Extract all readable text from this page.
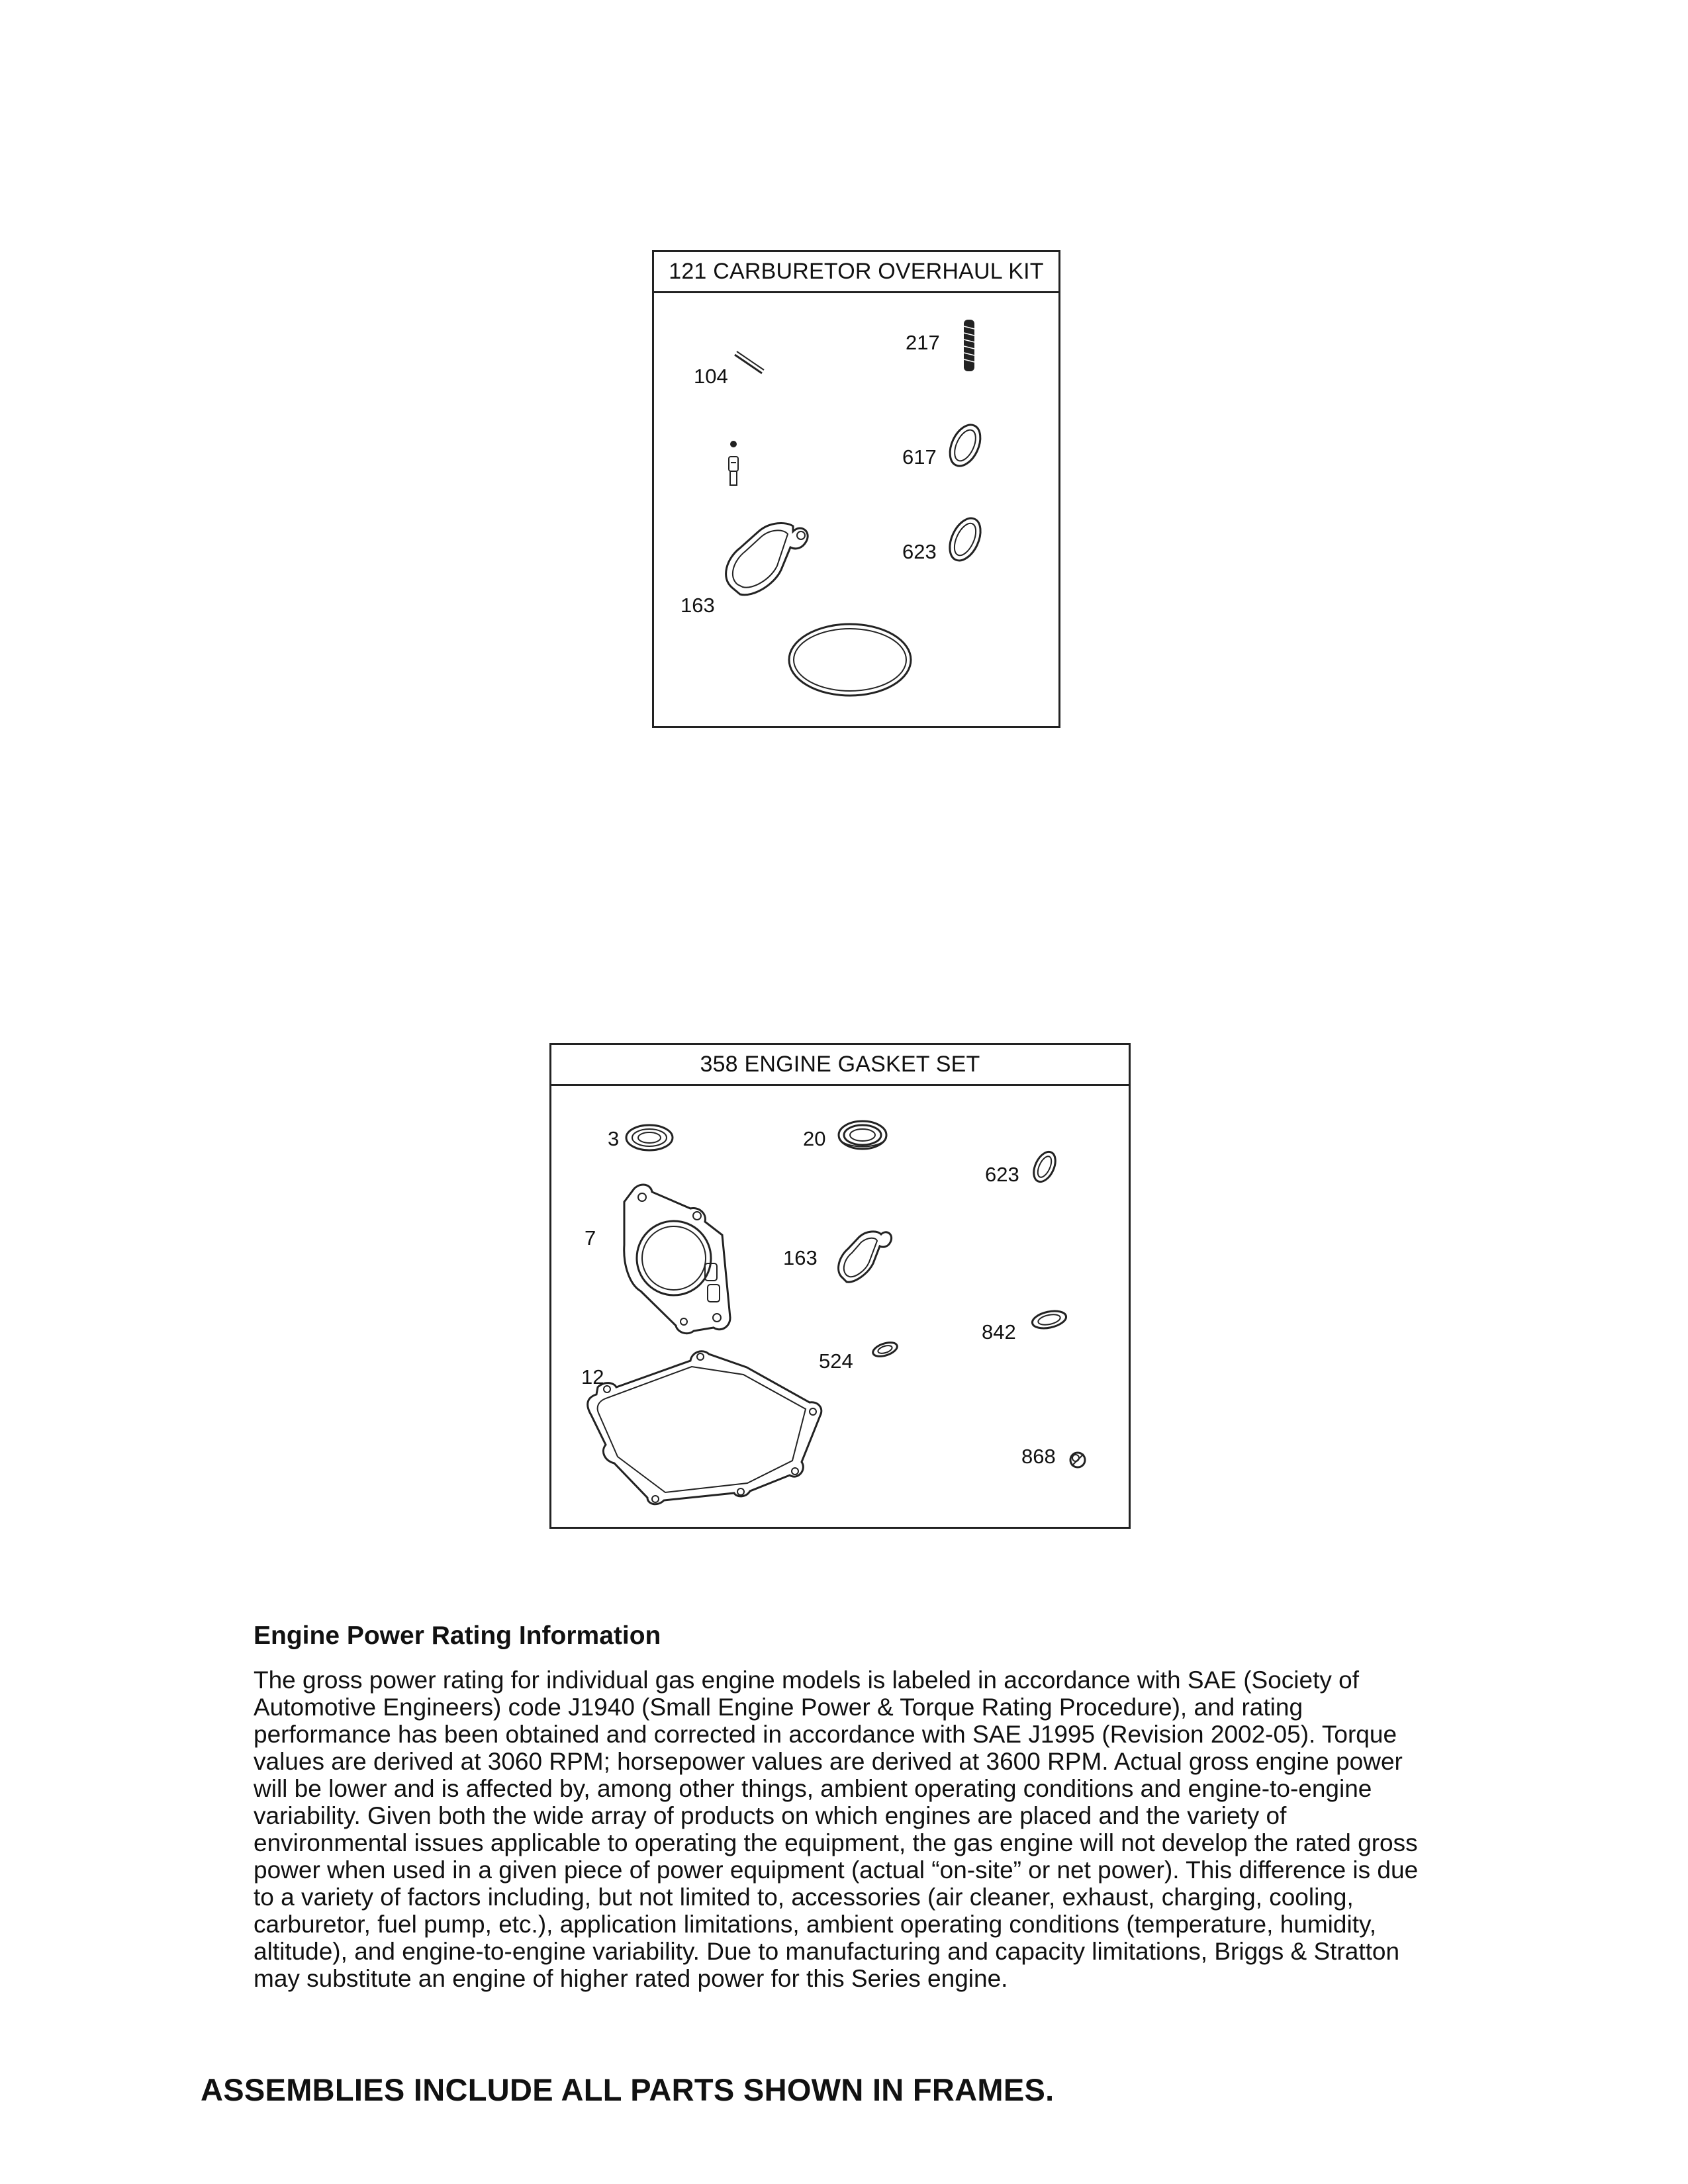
121 CARBURETOR OVERHAUL KIT
104
217
617
623
163
358 ENGINE GASKET SET
3	20
623
7
163
842
524
12
868
Engine Power Rating Information

The gross power rating for individual gas engine models is labeled in accordance with SAE (Society of Automotive Engineers) code J1940 (Small Engine Power & Torque Rating Procedure), and rating performance has been obtained and corrected in accordance with SAE J1995 (Revision 2002-05). Torque values are derived at 3060 RPM; horsepower values are derived at 3600 RPM. Actual gross engine power will be lower and is affected by, among other things, ambient operating conditions and engine-to-engine variability. Given both the wide array of products on which engines are placed and the variety of environmental issues applicable to operating the equipment, the gas engine will not develop the rated gross power when used in a given piece of power equipment (actual “on-site” or net power). This difference is due to a variety of factors including, but not limited to, accessories (air cleaner, exhaust, charging, cooling, carburetor, fuel pump, etc.), application limitations, ambient operating conditions (temperature, humidity, altitude), and engine-to-engine variability. Due to manufacturing and capacity limitations, Briggs & Stratton may substitute an engine of higher rated power for this Series engine.

ASSEMBLIES INCLUDE ALL PARTS SHOWN IN FRAMES.
